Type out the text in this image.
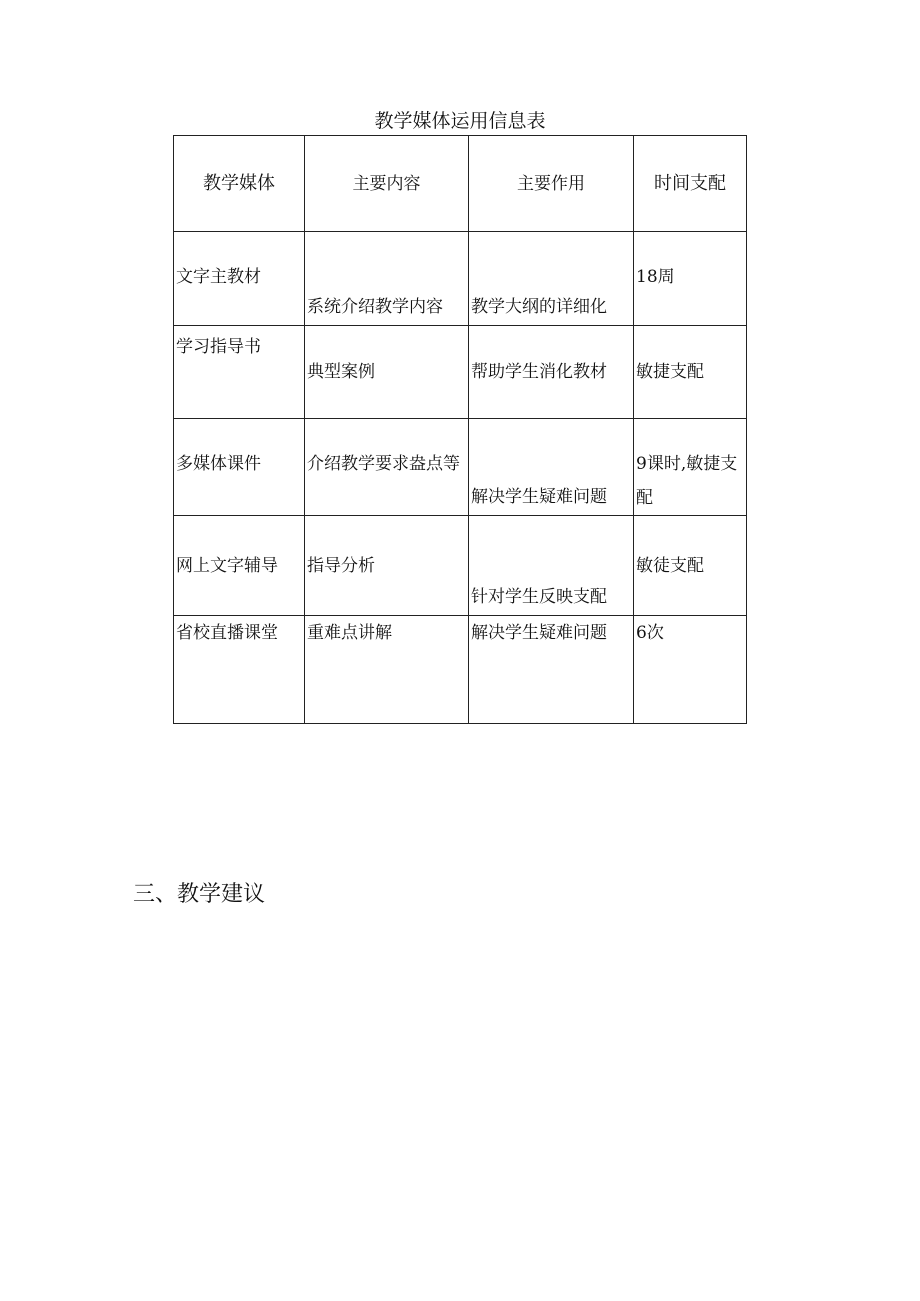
教学媒体运用信息表
教学媒体	主要内容	主要作用	时间支配
文字主教材	系统介绍教学内容	教学大纲的详细化	18周
学习指导书	典型案例	帮助学生消化教材	敏捷支配
多媒体课件	介绍教学要求盎点等	解决学生疑难问题	9课时,敏捷支配
网上文字辅导	指导分析	针对学生反映支配	敏徒支配
省校直播课堂	重难点讲解	解决学生疑难问题	6次
三、教学建议
